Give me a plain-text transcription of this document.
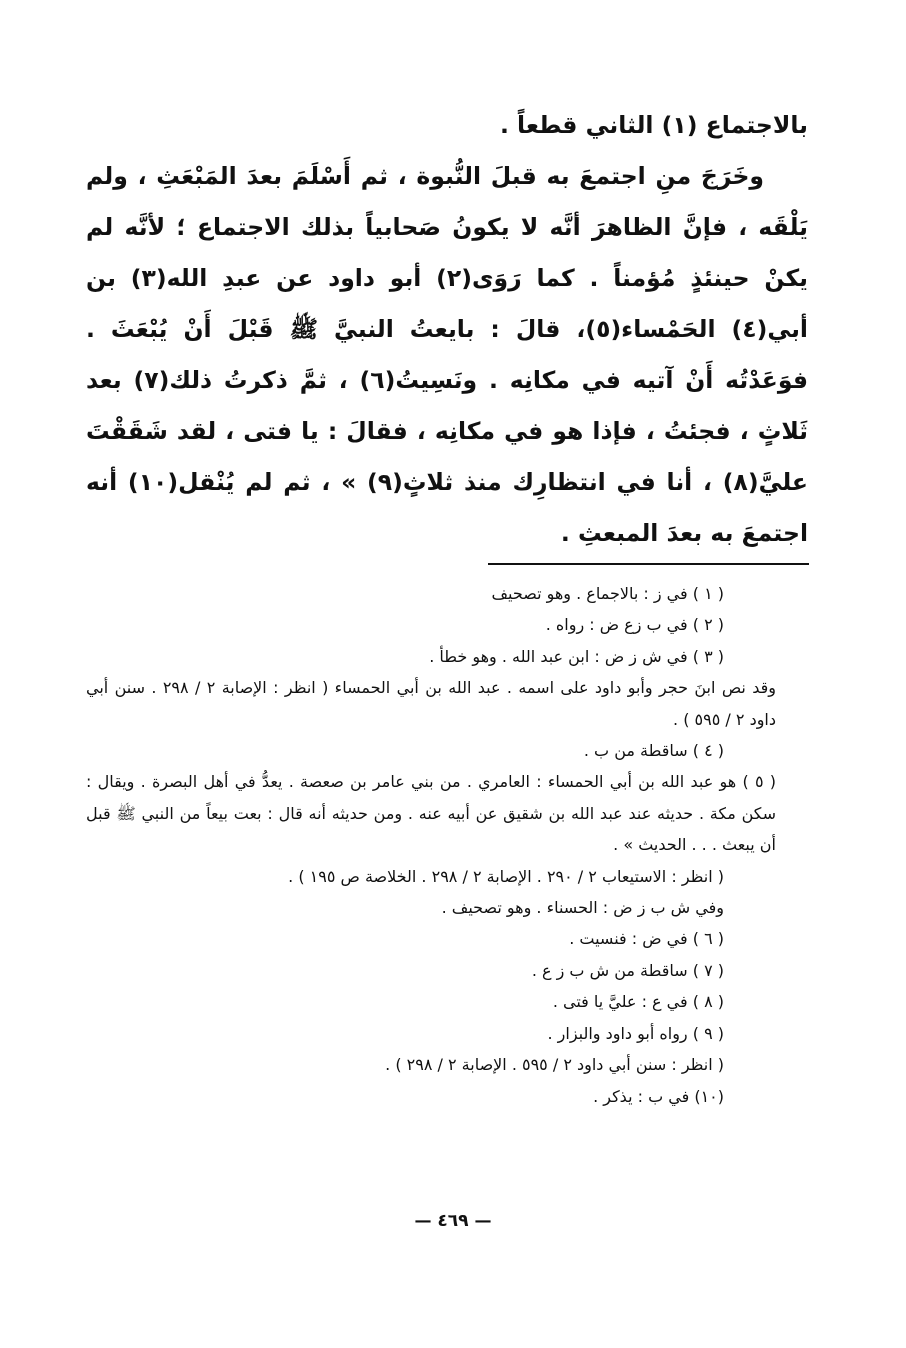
بالاجتماع (١) الثاني قطعاً .

وخَرَجَ منِ اجتمعَ به قبلَ النُّبوة ، ثم أَسْلَمَ بعدَ المَبْعَثِ ، ولم يَلْقَه ، فإنَّ الظاهرَ أنَّه لا يكونُ صَحابياً بذلك الاجتماع ؛ لأنَّه لم يكنْ حينئذٍ مُؤمناً . كما رَوَى(٢) أبو داود عن عبدِ الله(٣) بن أبي(٤) الحَمْساء(٥)، قالَ : بايعتُ النبيَّ ﷺ قَبْلَ أَنْ يُبْعَثَ . فوَعَدْتُه أَنْ آتيه في مكانِه . ونَسِيتُ(٦) ، ثمَّ ذكرتُ ذلك(٧) بعد ثَلاثٍ ، فجئتُ ، فإذا هو في مكانِه ، فقالَ : يا فتى ، لقد شَقَقْتَ عليَّ(٨) ، أنا في انتظارِك منذ ثلاثٍ(٩) » ، ثم لم يُنْقل(١٠) أنه اجتمعَ به بعدَ المبعثِ .

( ١ ) في ز : بالاجماع . وهو تصحيف

( ٢ ) في ب زع ض : رواه .

( ٣ ) في ش ز ض : ابن عبد الله . وهو خطأ .

وقد نص ابنَ حجر وأبو داود على اسمه . عبد الله بن أبي الحمساء ( انظر : الإصابة ٢ / ٢٩٨ . سنن أبي داود ٢ / ٥٩٥ ) .

( ٤ ) ساقطة من ب .

( ٥ ) هو عبد الله بن أبي الحمساء : العامري . من بني عامر بن صعصة . يعدُّ في أهل البصرة . ويقال : سكن مكة . حديثه عند عبد الله بن شقيق عن أبيه عنه . ومن حديثه أنه قال : بعت بيعاً من النبي ﷺ قبل أن يبعث . . . الحديث » .

( انظر : الاستيعاب ٢ / ٢٩٠ . الإصابة ٢ / ٢٩٨ . الخلاصة ص ١٩٥ ) .

وفي ش ب ز ض : الحسناء . وهو تصحيف .

( ٦ ) في ض : فنسيت .

( ٧ ) ساقطة من ش ب ز ع .

( ٨ ) في ع : عليَّ يا فتى .

( ٩ ) رواه أبو داود والبزار .

( انظر : سنن أبي داود ٢ / ٥٩٥ . الإصابة ٢ / ٢٩٨ ) .

(١٠) في ب : يذكر .

— ٤٦٩ —
